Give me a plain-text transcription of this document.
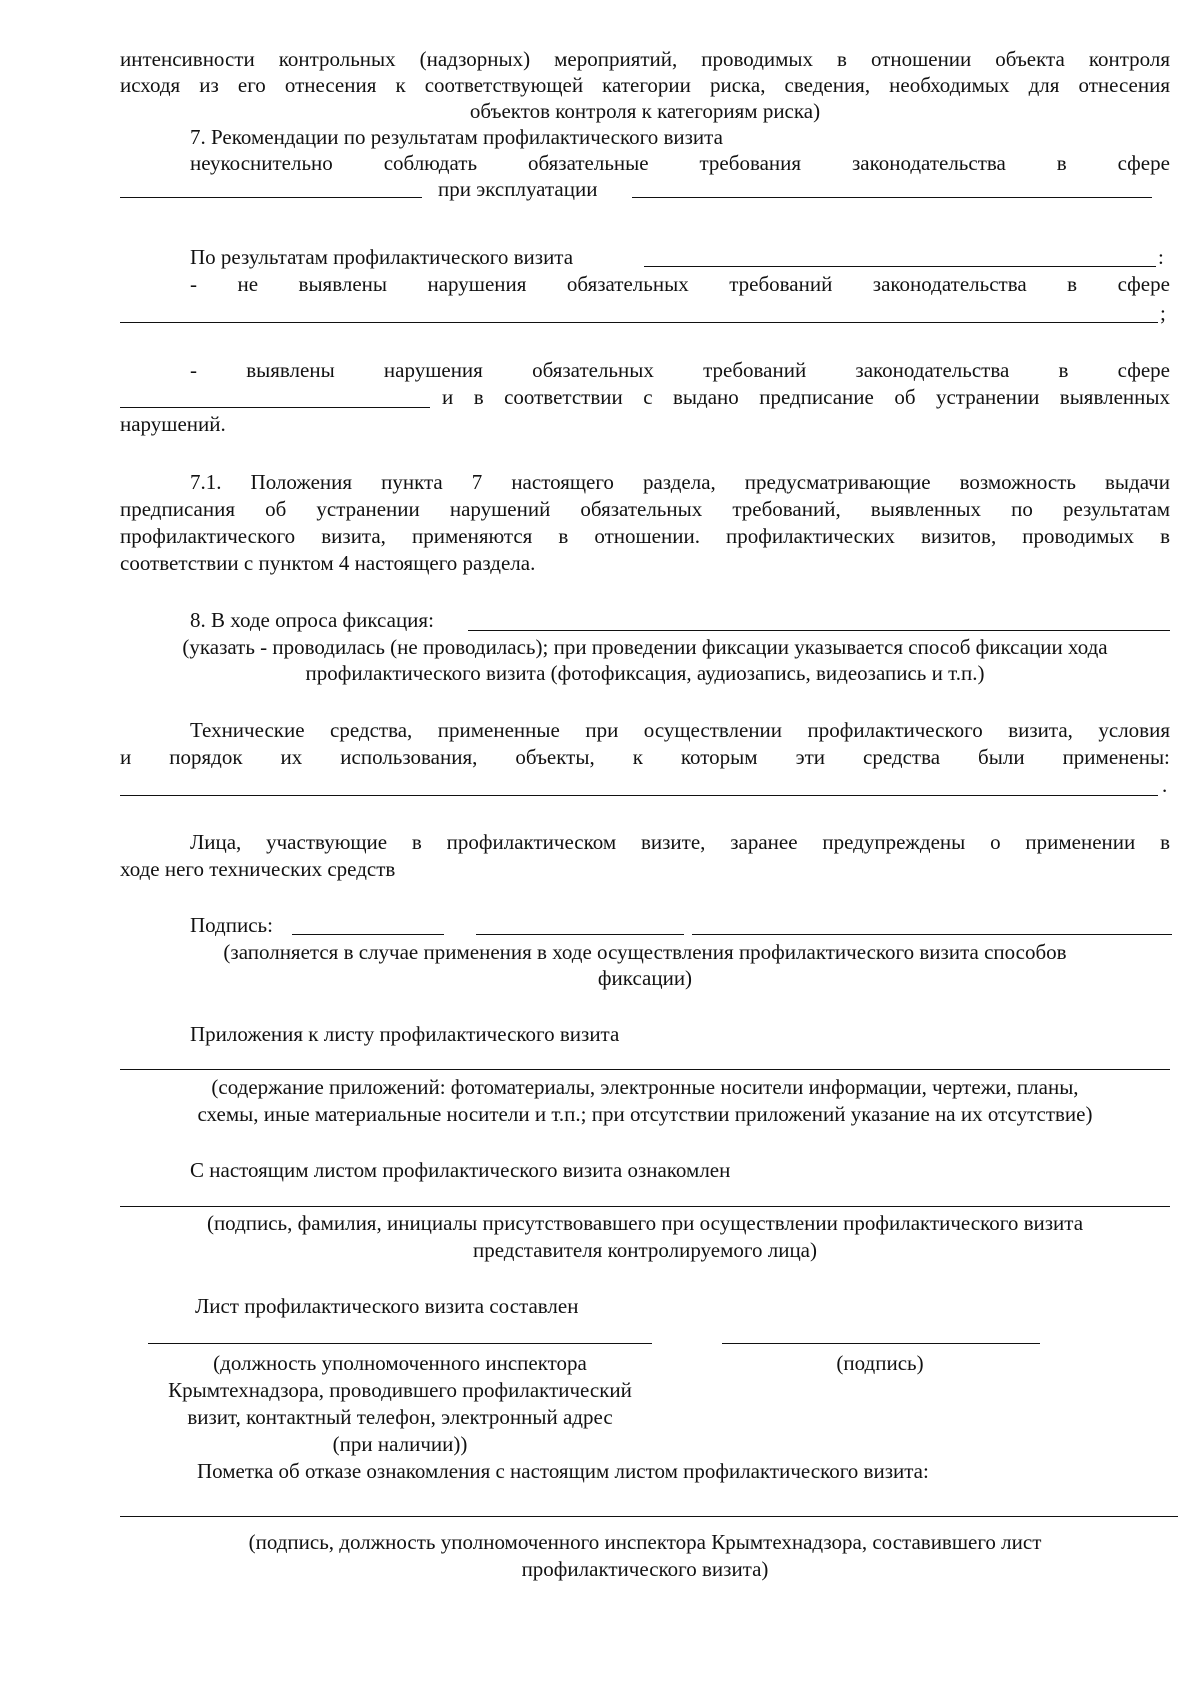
интенсивности контрольных (надзорных) мероприятий, проводимых в отношении объекта контроля
исходя из его отнесения к соответствующей категории риска, сведения, необходимых для отнесения
объектов контроля к категориям риска)
7. Рекомендации по результатам профилактического визита
неукоснительно соблюдать обязательные требования законодательства в сфере
при эксплуатации
По результатам профилактического визита	:
- не выявлены нарушения обязательных требований законодательства в сфере
;
- выявлены нарушения обязательных требований законодательства в сфере
и в соответствии с выдано предписание об устранении выявленных
нарушений.
7.1. Положения пункта 7 настоящего раздела, предусматривающие возможность выдачи
предписания об устранении нарушений обязательных требований, выявленных по результатам
профилактического визита, применяются в отношении. профилактических визитов, проводимых в
соответствии с пунктом 4 настоящего раздела.
8. В ходе опроса фиксация:
(указать - проводилась (не проводилась); при проведении фиксации указывается способ фиксации хода
профилактического визита (фотофиксация, аудиозапись, видеозапись и т.п.)
Технические средства, примененные при осуществлении профилактического визита, условия
и порядок их использования, объекты, к которым эти средства были применены:
.
Лица, участвующие в профилактическом визите, заранее предупреждены о применении в
ходе него технических средств
Подпись:
(заполняется в случае применения в ходе осуществления профилактического визита способов
фиксации)
Приложения к листу профилактического визита
(содержание приложений: фотоматериалы, электронные носители информации, чертежи, планы,
схемы, иные материальные носители и т.п.; при отсутствии приложений указание на их отсутствие)
С настоящим листом профилактического визита ознакомлен
(подпись, фамилия, инициалы присутствовавшего при осуществлении профилактического визита
представителя контролируемого лица)
Лист профилактического визита составлен
(должность уполномоченного инспектора
Крымтехнадзора, проводившего профилактический
визит, контактный телефон, электронный адрес
(при наличии))
(подпись)
Пометка об отказе ознакомления с настоящим листом профилактического визита:
(подпись, должность уполномоченного инспектора Крымтехнадзора, составившего лист
профилактического визита)
